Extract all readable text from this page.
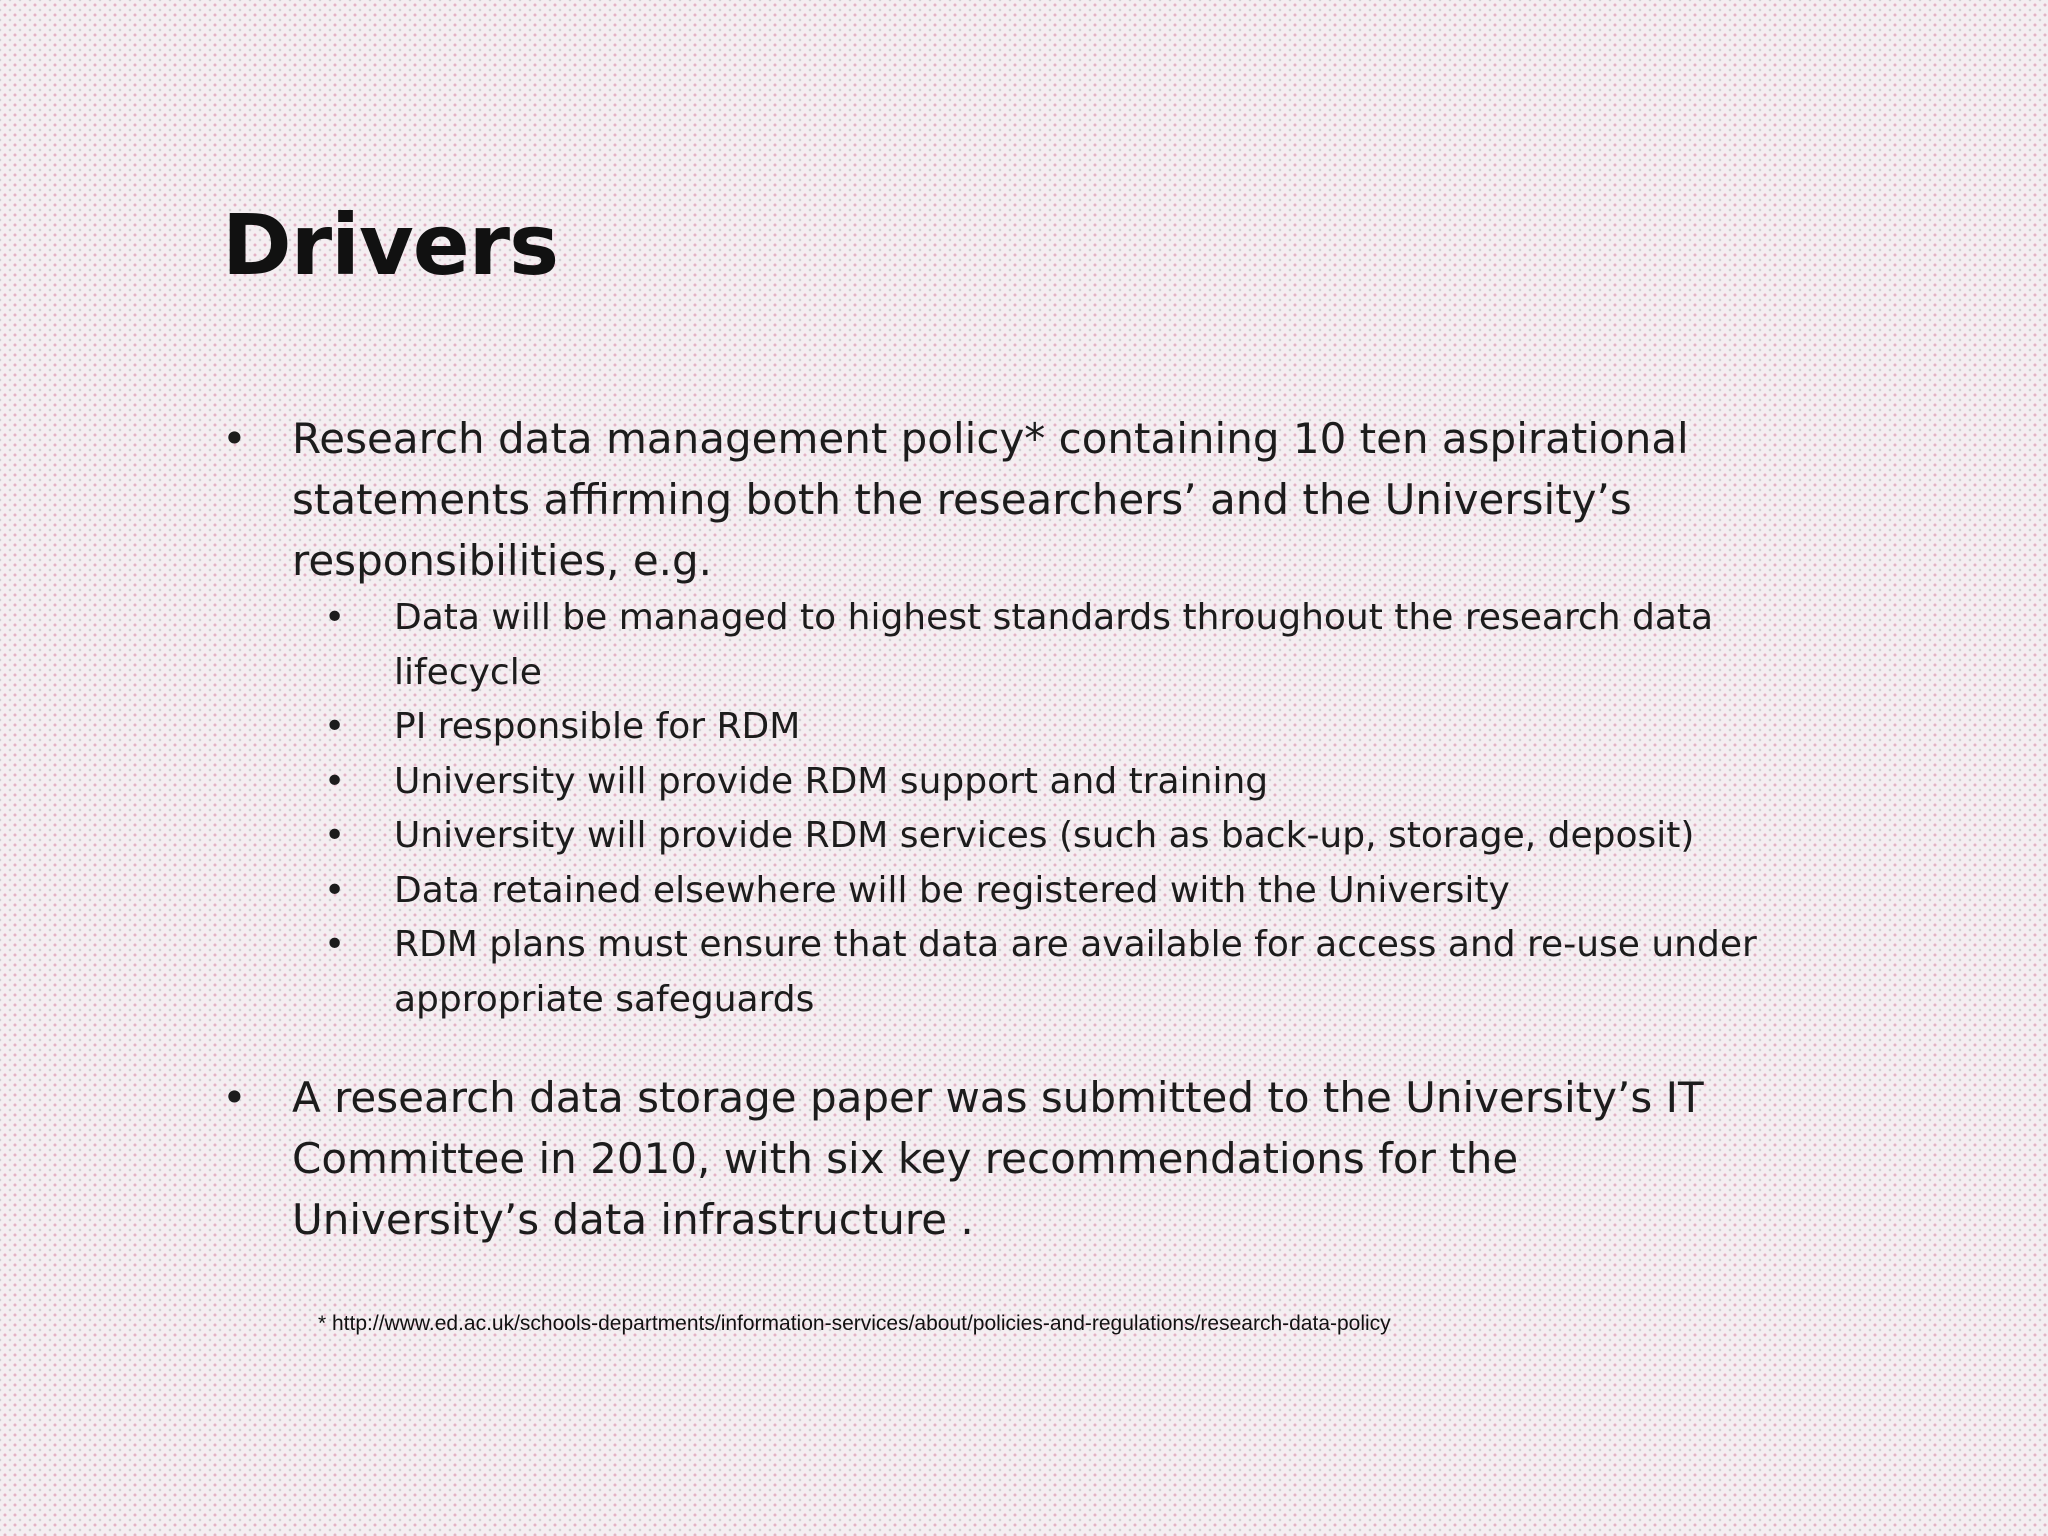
Drivers
• Research data management policy* containing 10 ten aspirational statements affirming both the researchers’ and the University’s responsibilities, e.g.
• Data will be managed to highest standards throughout the research data lifecycle
• PI responsible for RDM
• University will provide RDM support and training
• University will provide RDM services (such as back-up, storage, deposit)
• Data retained elsewhere will be registered with the University
• RDM plans must ensure that data are available for access and re-use under appropriate safeguards
• A research data storage paper was submitted to the University’s IT Committee in 2010, with six key recommendations for the University’s data infrastructure .
* http://www.ed.ac.uk/schools-departments/information-services/about/policies-and-regulations/research-data-policy
